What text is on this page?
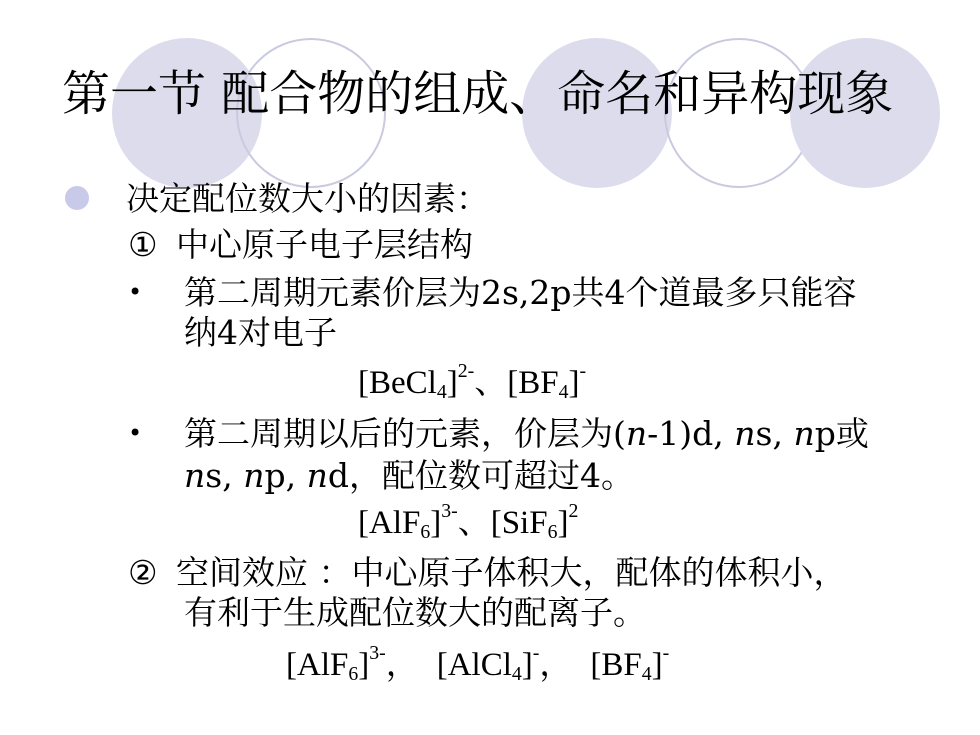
第一节 配合物的组成、命名和异构现象
决定配位数大小的因素：
① 中心原子电子层结构
• 第二周期元素价层为2s,2p共4个道最多只能容
纳4对电子
[BeCl$_4$]$^{2-}$、$[BF_4]^-$
• 第二周期以后的元素，价层为(n-1)d, ns, np或
ns, np, nd，配位数可超过4。
$[AlF_6]^{3-}$、$[SiF_6]^2$
② 空间效应 ：中心原子体积大，配体的体积小，
有利于生成配位数大的配离子。
$[AlF_6]^{3-}$， [AlCl$_4$]-， $[BF_4]^-$
